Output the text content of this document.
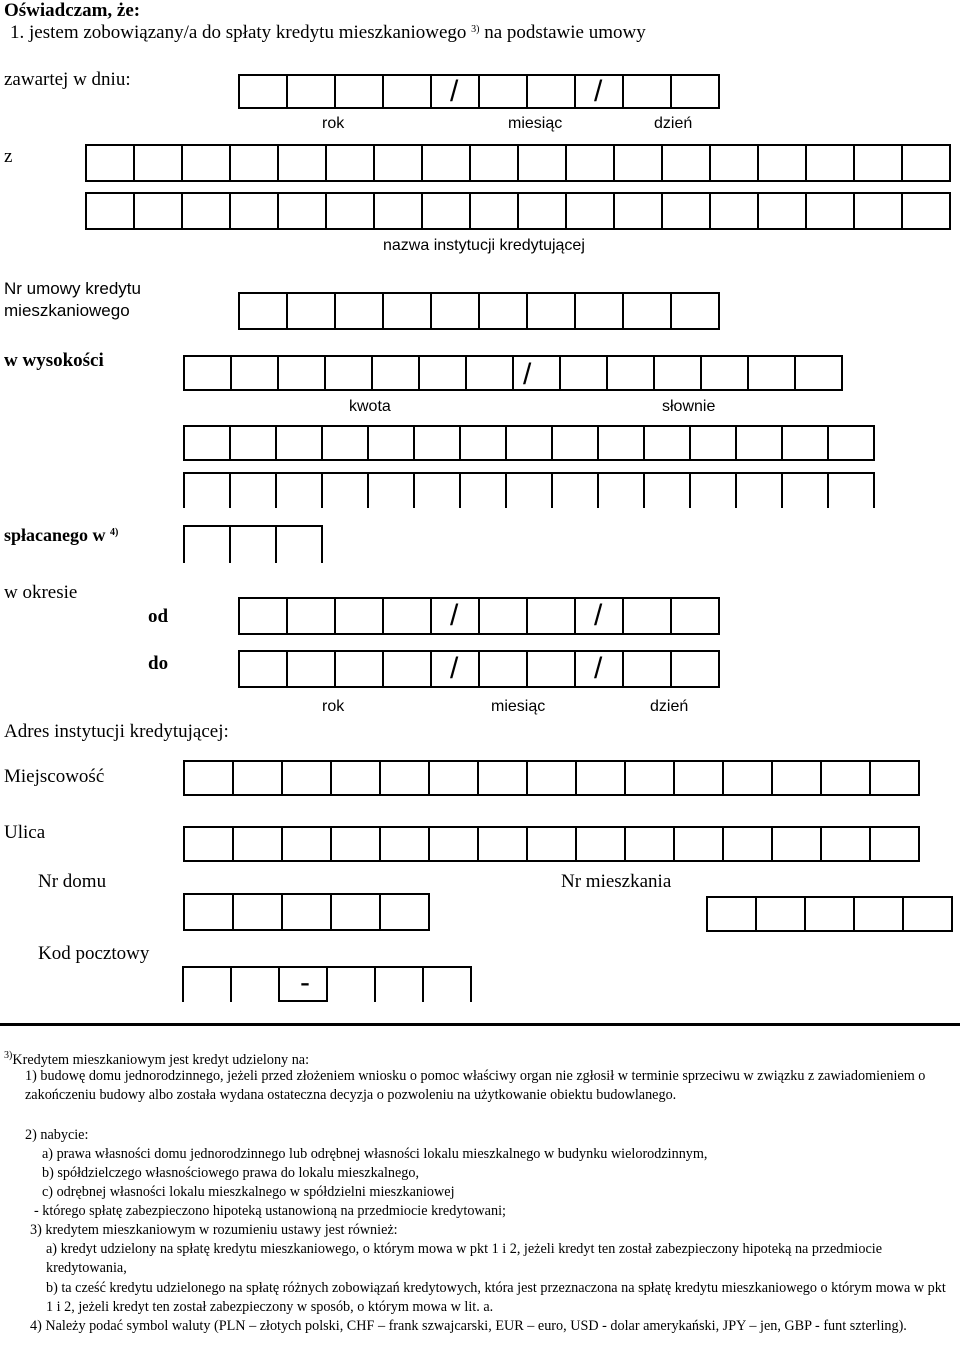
Oświadczam, że:
1. jestem zobowiązany/a do spłaty kredytu mieszkaniowego $^{3)}$ na podstawie umowy
zawartej w dniu:	/	/
rok	miesiąc	dzień
z
nazwa instytucji kredytującej
Nr umowy kredytu
mieszkaniowego
w wysokości	/
kwota	słownie
spłacanego w $^{4)}$
w okresie
od	/	/
do	/	/
rok	miesiąc	dzień
Adres instytucji kredytującej:
Miejscowość
Ulica
Nr domu	Nr mieszkania
Kod pocztowy
-
$^{3)}$Kredytem mieszkaniowym jest kredyt udzielony na:
1) budowę domu jednorodzinnego, jeżeli przed złożeniem wniosku o pomoc właściwy organ nie zgłosił w terminie sprzeciwu w związku z zawiadomieniem o zakończeniu budowy albo została wydana ostateczna decyzja o pozwoleniu na użytkowanie obiektu budowlanego.
2) nabycie:
a) prawa własności domu jednorodzinnego lub odrębnej własności lokalu mieszkalnego w budynku wielorodzinnym,
b) spółdzielczego własnościowego prawa do lokalu mieszkalnego,
c) odrębnej własności lokalu mieszkalnego w spółdzielni mieszkaniowej
- którego spłatę zabezpieczono hipoteką ustanowioną na przedmiocie kredytowani;
3) kredytem mieszkaniowym w rozumieniu ustawy jest również:
a) kredyt udzielony na spłatę kredytu mieszkaniowego, o którym mowa w pkt 1 i 2, jeżeli kredyt ten został zabezpieczony hipoteką na przedmiocie kredytowania,
b) ta cześć kredytu udzielonego na spłatę różnych zobowiązań kredytowych, która jest przeznaczona na spłatę kredytu mieszkaniowego o którym mowa w pkt 1 i 2, jeżeli kredyt ten został zabezpieczony w sposób, o którym mowa w lit. a.
4) Należy podać symbol waluty (PLN – złotych polski, CHF – frank szwajcarski, EUR – euro, USD - dolar amerykański, JPY – jen, GBP - funt szterling).
